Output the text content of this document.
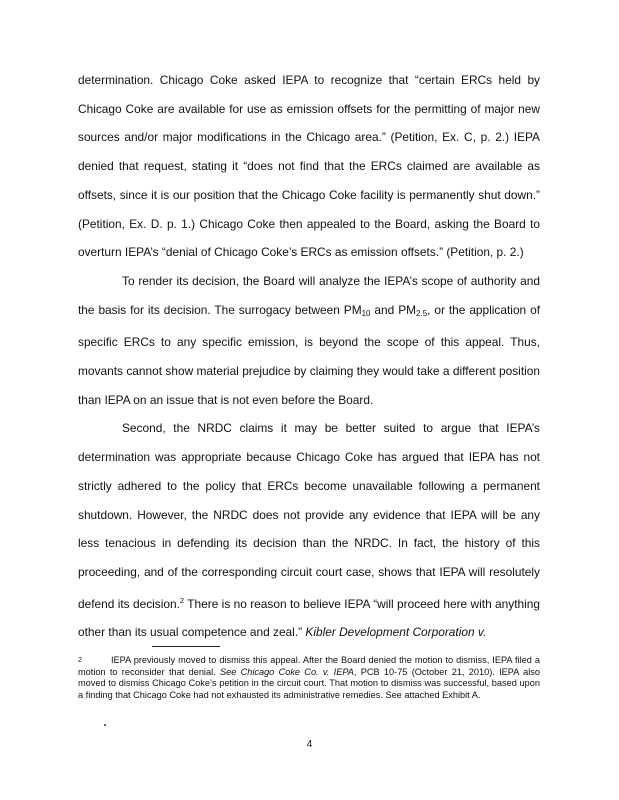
determination. Chicago Coke asked IEPA to recognize that “certain ERCs held by Chicago Coke are available for use as emission offsets for the permitting of major new sources and/or major modifications in the Chicago area.” (Petition, Ex. C, p. 2.) IEPA denied that request, stating it “does not find that the ERCs claimed are available as offsets, since it is our position that the Chicago Coke facility is permanently shut down.” (Petition, Ex. D. p. 1.) Chicago Coke then appealed to the Board, asking the Board to overturn IEPA’s “denial of Chicago Coke’s ERCs as emission offsets.” (Petition, p. 2.)

To render its decision, the Board will analyze the IEPA’s scope of authority and the basis for its decision. The surrogacy between $PM_{10}$ and $PM_{2.5}$, or the application of specific ERCs to any specific emission, is beyond the scope of this appeal. Thus, movants cannot show material prejudice by claiming they would take a different position than IEPA on an issue that is not even before the Board.

Second, the NRDC claims it may be better suited to argue that IEPA’s determination was appropriate because Chicago Coke has argued that IEPA has not strictly adhered to the policy that ERCs become unavailable following a permanent shutdown. However, the NRDC does not provide any evidence that IEPA will be any less tenacious in defending its decision than the NRDC. In fact, the history of this proceeding, and of the corresponding circuit court case, shows that IEPA will resolutely defend its decision.$^2$ There is no reason to believe IEPA “will proceed here with anything other than its usual competence and zeal.” Kibler Development Corporation v.

2	IEPA previously moved to dismiss this appeal. After the Board denied the motion to dismiss, IEPA filed a motion to reconsider that denial. See Chicago Coke Co. v. IEPA, PCB 10-75 (October 21, 2010). IEPA also moved to dismiss Chicago Coke’s petition in the circuit court. That motion to dismiss was successful, based upon a finding that Chicago Coke had not exhausted its administrative remedies. See attached Exhibit A.

4
